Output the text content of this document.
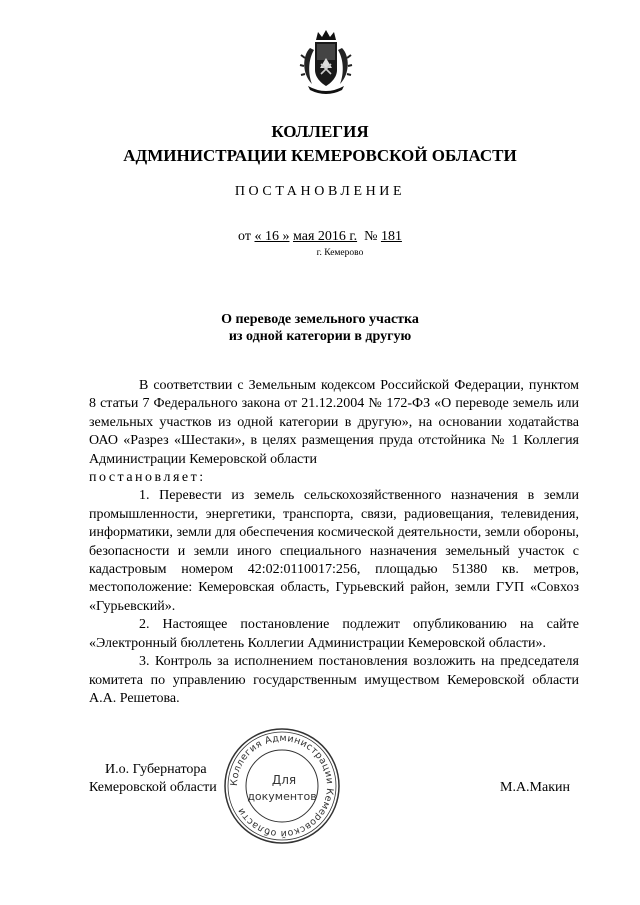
КОЛЛЕГИЯ
АДМИНИСТРАЦИИ КЕМЕРОВСКОЙ ОБЛАСТИ
ПОСТАНОВЛЕНИЕ
от « 16 » мая 2016 г. № 181
г. Кемерово
О переводе земельного участка
из одной категории в другую

В соответствии с Земельным кодексом Российской Федерации, пунктом 8 статьи 7 Федерального закона от 21.12.2004 № 172-ФЗ «О переводе земель или земельных участков из одной категории в другую», на основании ходатайства ОАО «Разрез «Шестаки», в целях размещения пруда отстойника № 1 Коллегия Администрации Кемеровской области
постановляет:

1. Перевести из земель сельскохозяйственного назначения в земли промышленности, энергетики, транспорта, связи, радиовещания, телевидения, информатики, земли для обеспечения космической деятельности, земли обороны, безопасности и земли иного специального назначения земельный участок с кадастровым номером 42:02:0110017:256, площадью 51380 кв. метров, местоположение: Кемеровская область, Гурьевский район, земли ГУП «Совхоз «Гурьевский».

2. Настоящее постановление подлежит опубликованию на сайте «Электронный бюллетень Коллегии Администрации Кемеровской области».

3. Контроль за исполнением постановления возложить на председателя комитета по управлению государственным имуществом Кемеровской области А.А. Решетова.

И.о. Губернатора
Кемеровской области	М.А.Макин
Коллегия Администрации Кемеровской области
Для
документов
